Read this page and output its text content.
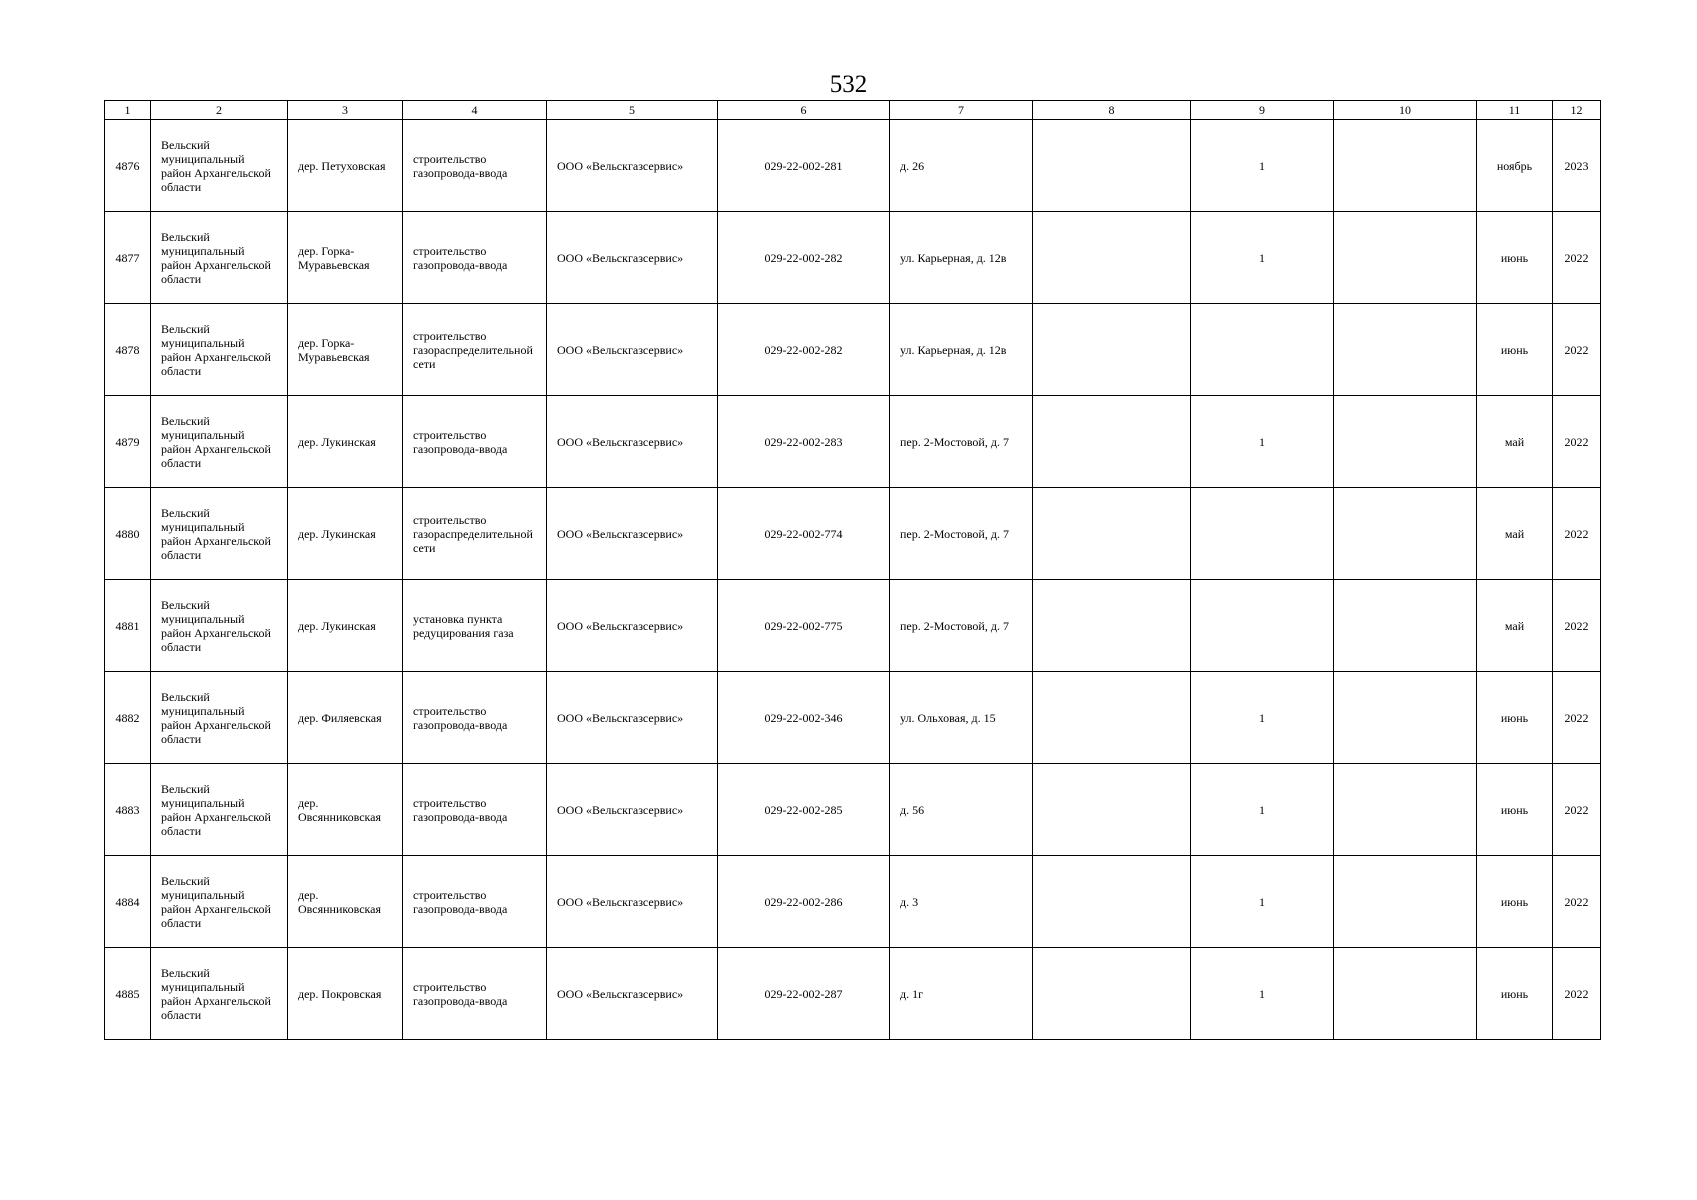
532
1	2	3	4	5	6	7	8	9	10	11	12
4876	Вельский муниципальный район Архангельской области	дер. Петуховская	строительство газопровода-ввода	ООО «Вельскгазсервис»	029-22-002-281	д. 26		1		ноябрь	2023
4877	Вельский муниципальный район Архангельской области	дер. Горка-Муравьевская	строительство газопровода-ввода	ООО «Вельскгазсервис»	029-22-002-282	ул. Карьерная, д. 12в		1		июнь	2022
4878	Вельский муниципальный район Архангельской области	дер. Горка-Муравьевская	строительство газораспределительной сети	ООО «Вельскгазсервис»	029-22-002-282	ул. Карьерная, д. 12в				июнь	2022
4879	Вельский муниципальный район Архангельской области	дер. Лукинская	строительство газопровода-ввода	ООО «Вельскгазсервис»	029-22-002-283	пер. 2-Мостовой, д. 7		1		май	2022
4880	Вельский муниципальный район Архангельской области	дер. Лукинская	строительство газораспределительной сети	ООО «Вельскгазсервис»	029-22-002-774	пер. 2-Мостовой, д. 7				май	2022
4881	Вельский муниципальный район Архангельской области	дер. Лукинская	установка пункта редуцирования газа	ООО «Вельскгазсервис»	029-22-002-775	пер. 2-Мостовой, д. 7				май	2022
4882	Вельский муниципальный район Архангельской области	дер. Филяевская	строительство газопровода-ввода	ООО «Вельскгазсервис»	029-22-002-346	ул. Ольховая, д. 15		1		июнь	2022
4883	Вельский муниципальный район Архангельской области	дер. Овсянниковская	строительство газопровода-ввода	ООО «Вельскгазсервис»	029-22-002-285	д. 56		1		июнь	2022
4884	Вельский муниципальный район Архангельской области	дер. Овсянниковская	строительство газопровода-ввода	ООО «Вельскгазсервис»	029-22-002-286	д. 3		1		июнь	2022
4885	Вельский муниципальный район Архангельской области	дер. Покровская	строительство газопровода-ввода	ООО «Вельскгазсервис»	029-22-002-287	д. 1г		1		июнь	2022
